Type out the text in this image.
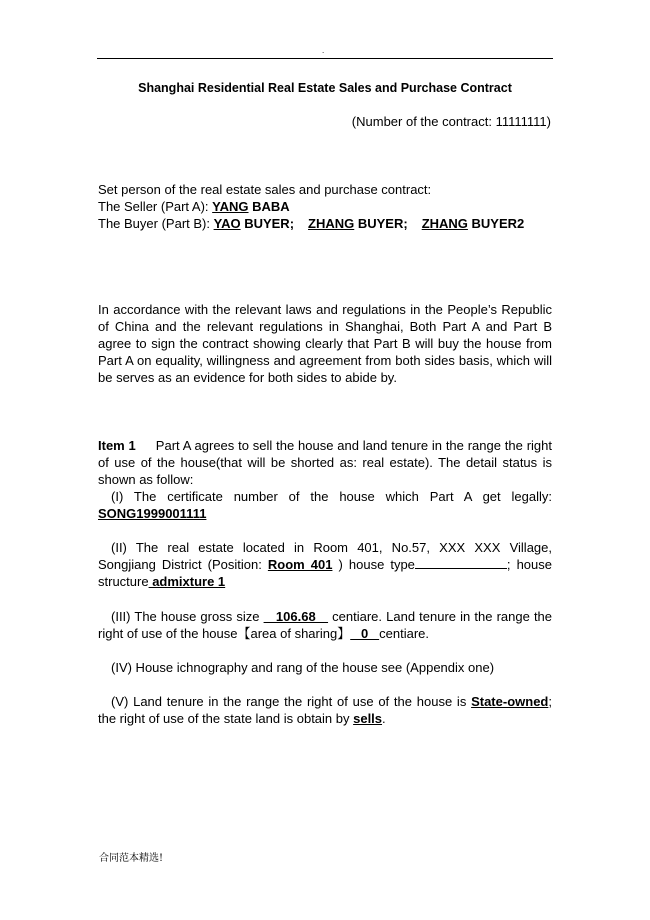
.
Shanghai Residential Real Estate Sales and Purchase Contract
(Number of the contract: 11111111)
Set person of the real estate sales and purchase contract:
The Seller (Part A): YANG BABA
The Buyer (Part B): YAO BUYER; ZHANG BUYER; ZHANG BUYER2
In accordance with the relevant laws and regulations in the People’s Republic of China and the relevant regulations in Shanghai, Both Part A and Part B agree to sign the contract showing clearly that Part B will buy the house from Part A on equality, willingness and agreement from both sides basis, which will be serves as an evidence for both sides to abide by.
Item 1 Part A agrees to sell the house and land tenure in the range the right of use of the house(that will be shorted as: real estate). The detail status is shown as follow:
(I) The certificate number of the house which Part A get legally: SONG1999001111
(II) The real estate located in Room 401, No.57, XXX XXX Village, Songjiang District (Position: Room 401 ) house type	; house structure admixture 1
(III) The house gross size    106.68    centiare. Land tenure in the range the right of use of the house【area of sharing】   0   centiare.
(IV) House ichnography and rang of the house see (Appendix one)
(V) Land tenure in the range the right of use of the house is State-owned; the right of use of the state land is obtain by sells.
合同范本精选!
